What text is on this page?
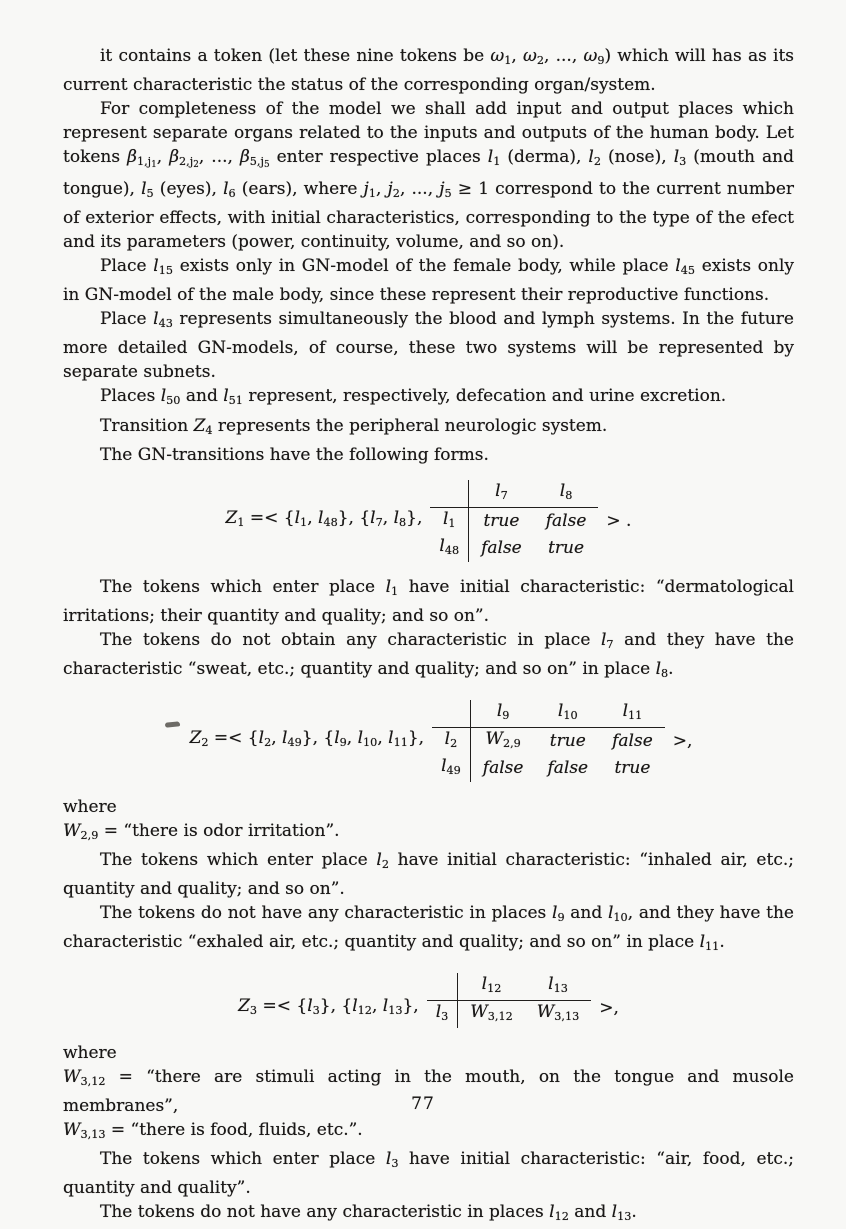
it contains a token (let these nine tokens be $\omega_1$, $\omega_2$, ..., $\omega_9$) which will has as its current characteristic the status of the corresponding organ/system.

For completeness of the model we shall add input and output places which represent separate organs related to the inputs and outputs of the human body. Let tokens $\beta_{1,j1}$, $\beta_{2,j2}$, ..., $\beta_{5,j5}$ enter respective places $l_1$ (derma), $l_2$ (nose), $l_3$ (mouth and tongue), $l_5$ (eyes), $l_6$ (ears), where $j_1$, $j_2$, ..., $j_5 \ge 1$ correspond to the current number of exterior effects, with initial characteristics, corresponding to the type of the efect and its parameters (power, continuity, volume, and so on).

Place $l_{15}$ exists only in GN-model of the female body, while place $l_{45}$ exists only in GN-model of the male body, since these represent their reproductive functions.

Place $l_{43}$ represents simultaneously the blood and lymph systems. In the future more detailed GN-models, of course, these two systems will be represented by separate subnets.

Places $l_{50}$ and $l_{51}$ represent, respectively, defecation and urine excretion.

Transition $Z_4$ represents the peripheral neurologic system.

The GN-transitions have the following forms.

$Z_1 =< \{l_1$, $l_{48}$}, {$l_7$, $l_8$},
	$l_7$	$l_8$
$l_1$	true	false
$l_{48}$	false	true
> .

The tokens which enter place $l_1$ have initial characteristic: “dermatological irritations; their quantity and quality; and so on”.

The tokens do not obtain any characteristic in place $l_7$ and they have the characteristic “sweat, etc.; quantity and quality; and so on” in place $l_8$.

$Z_2 =< \{l_2$, $l_{49}$}, {$l_9$, $l_{10}$, $l_{11}$},
	$l_9$	$l_{10}$	$l_{11}$
$l_2$	$W_{2,9}$	true	false
$l_{49}$	false	false	true
>,

where

$W_{2,9}$ = “there is odor irritation”.

The tokens which enter place $l_2$ have initial characteristic: “inhaled air, etc.; quantity and quality; and so on”.

The tokens do not have any characteristic in places $l_9$ and $l_{10}$, and they have the characteristic “exhaled air, etc.; quantity and quality; and so on” in place $l_{11}$.

$Z_3 =< \{l_3\}$, {$l_{12}$, $l_{13}$},
	$l_{12}$	$l_{13}$
$l_3$	$W_{3,12}$	$W_{3,13}$ >,

where

$W_{3,12}$ = “there are stimuli acting in the mouth, on the tongue and musole membranes”,

$W_{3,13}$ = “there is food, fluids, etc.”.

The tokens which enter place $l_3$ have initial characteristic: “air, food, etc.; quantity and quality”.

The tokens do not have any characteristic in places $l_{12}$ and $l_{13}$.

77
